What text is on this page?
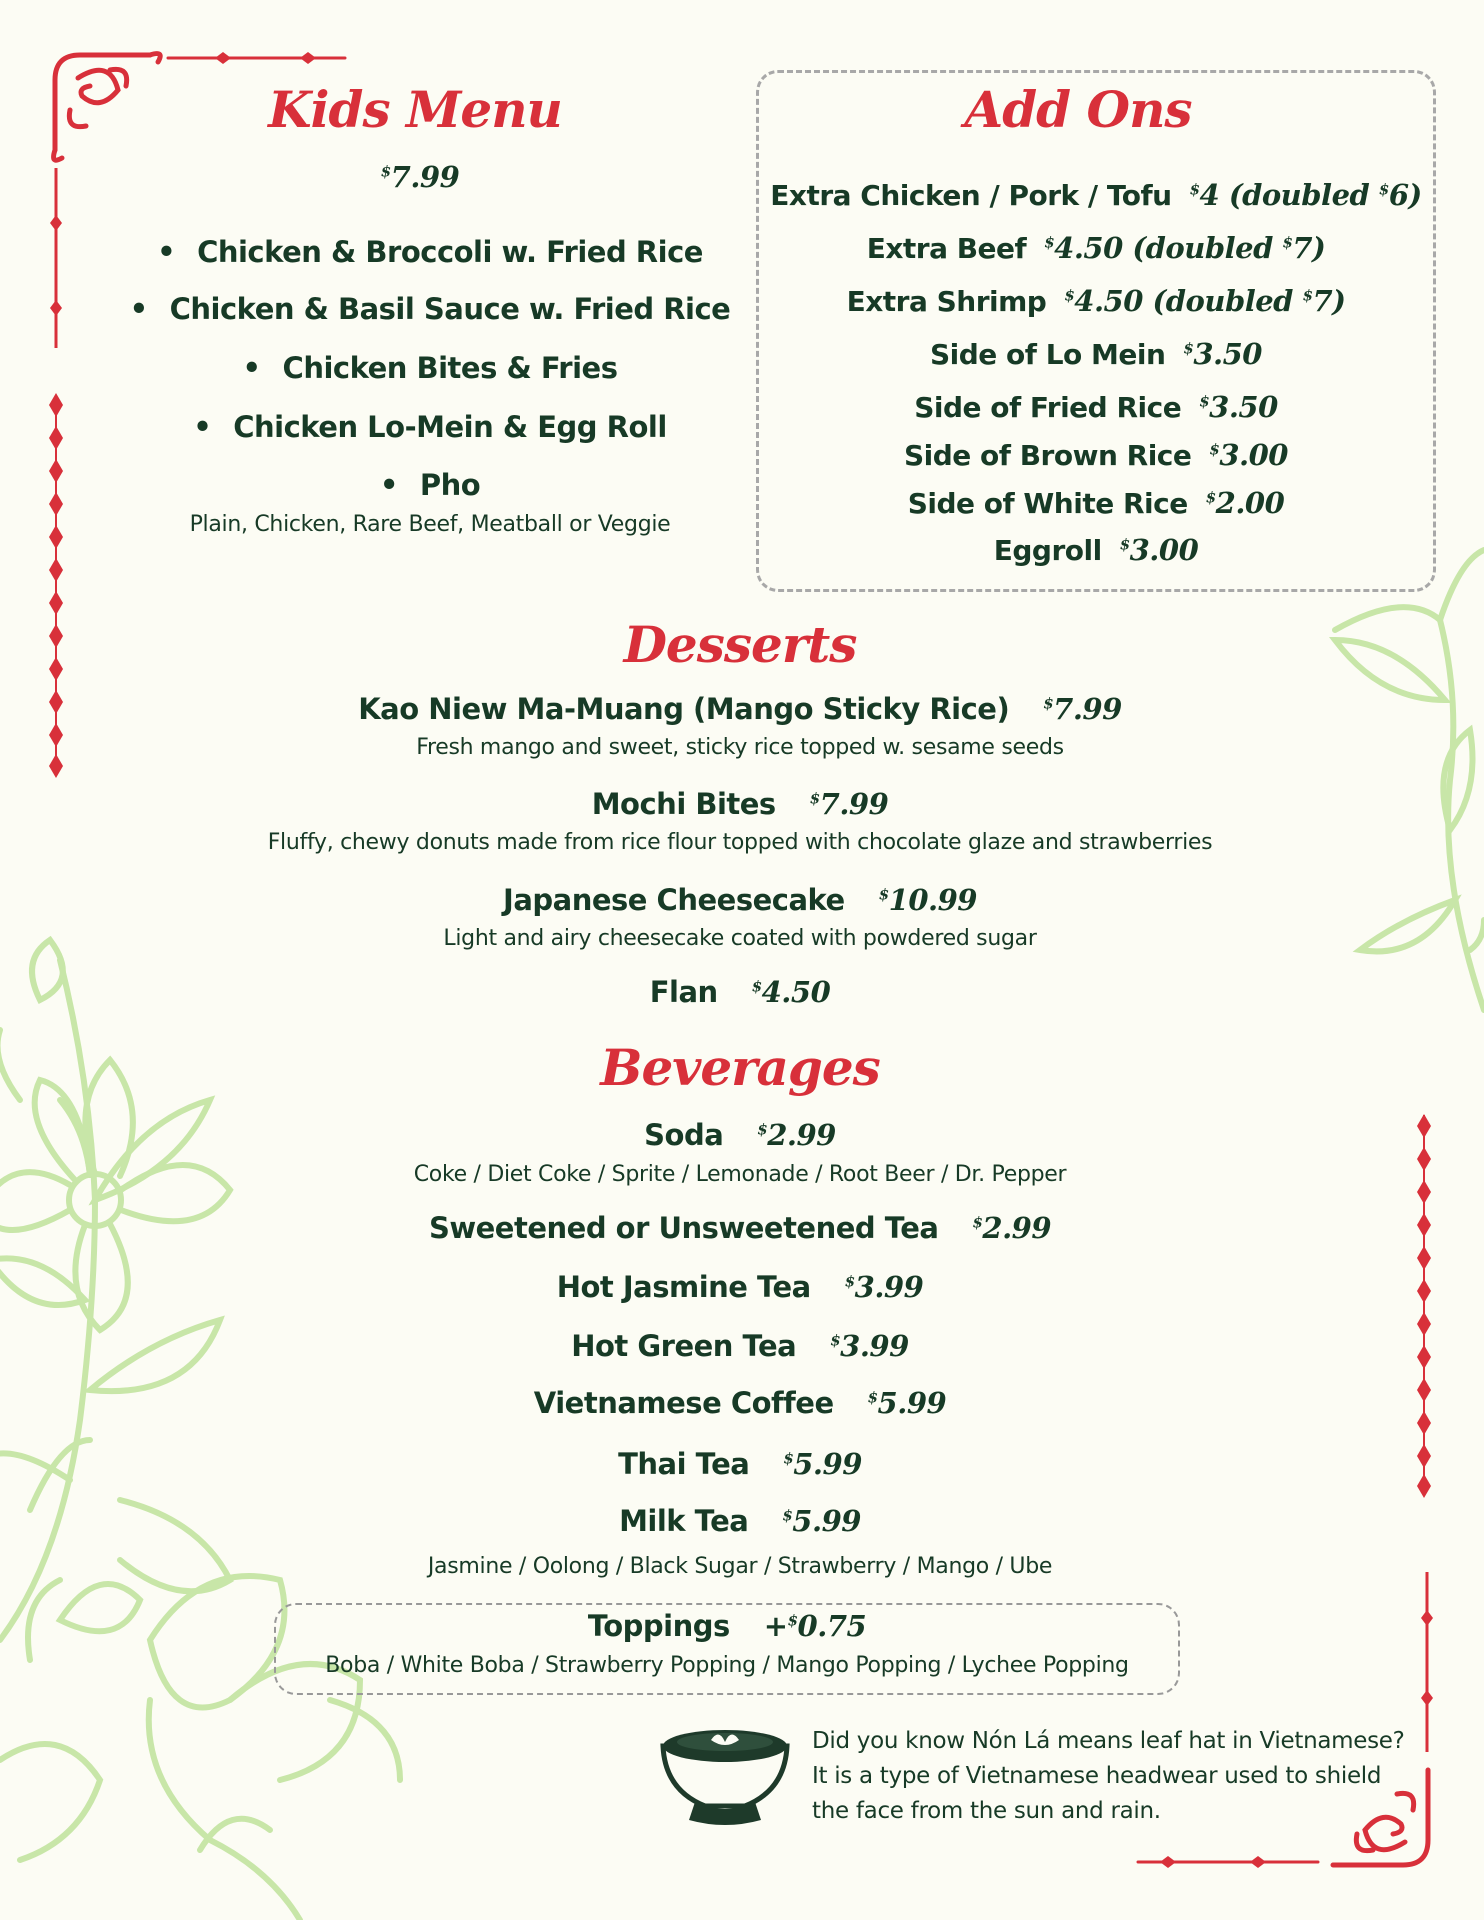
Kids Menu
$7.99
• Chicken & Broccoli w. Fried Rice
• Chicken & Basil Sauce w. Fried Rice
• Chicken Bites & Fries
• Chicken Lo-Mein & Egg Roll
• Pho
Plain, Chicken, Rare Beef, Meatball or Veggie
Add Ons
Extra Chicken / Pork / Tofu $4 (doubled $6)
Extra Beef $4.50 (doubled $7)
Extra Shrimp $4.50 (doubled $7)
Side of Lo Mein $3.50
Side of Fried Rice $3.50
Side of Brown Rice $3.00
Side of White Rice $2.00
Eggroll $3.00
Desserts
Kao Niew Ma-Muang (Mango Sticky Rice) $7.99
Fresh mango and sweet, sticky rice topped w. sesame seeds
Mochi Bites $7.99
Fluffy, chewy donuts made from rice flour topped with chocolate glaze and strawberries
Japanese Cheesecake $10.99
Light and airy cheesecake coated with powdered sugar
Flan $4.50
Beverages
Soda $2.99
Coke / Diet Coke / Sprite / Lemonade / Root Beer / Dr. Pepper
Sweetened or Unsweetened Tea $2.99
Hot Jasmine Tea $3.99
Hot Green Tea $3.99
Vietnamese Coffee $5.99
Thai Tea $5.99
Milk Tea $5.99
Jasmine / Oolong / Black Sugar / Strawberry / Mango / Ube
Toppings +$0.75
Boba / White Boba / Strawberry Popping / Mango Popping / Lychee Popping
Did you know Nón Lá means leaf hat in Vietnamese?
It is a type of Vietnamese headwear used to shield
the face from the sun and rain.
